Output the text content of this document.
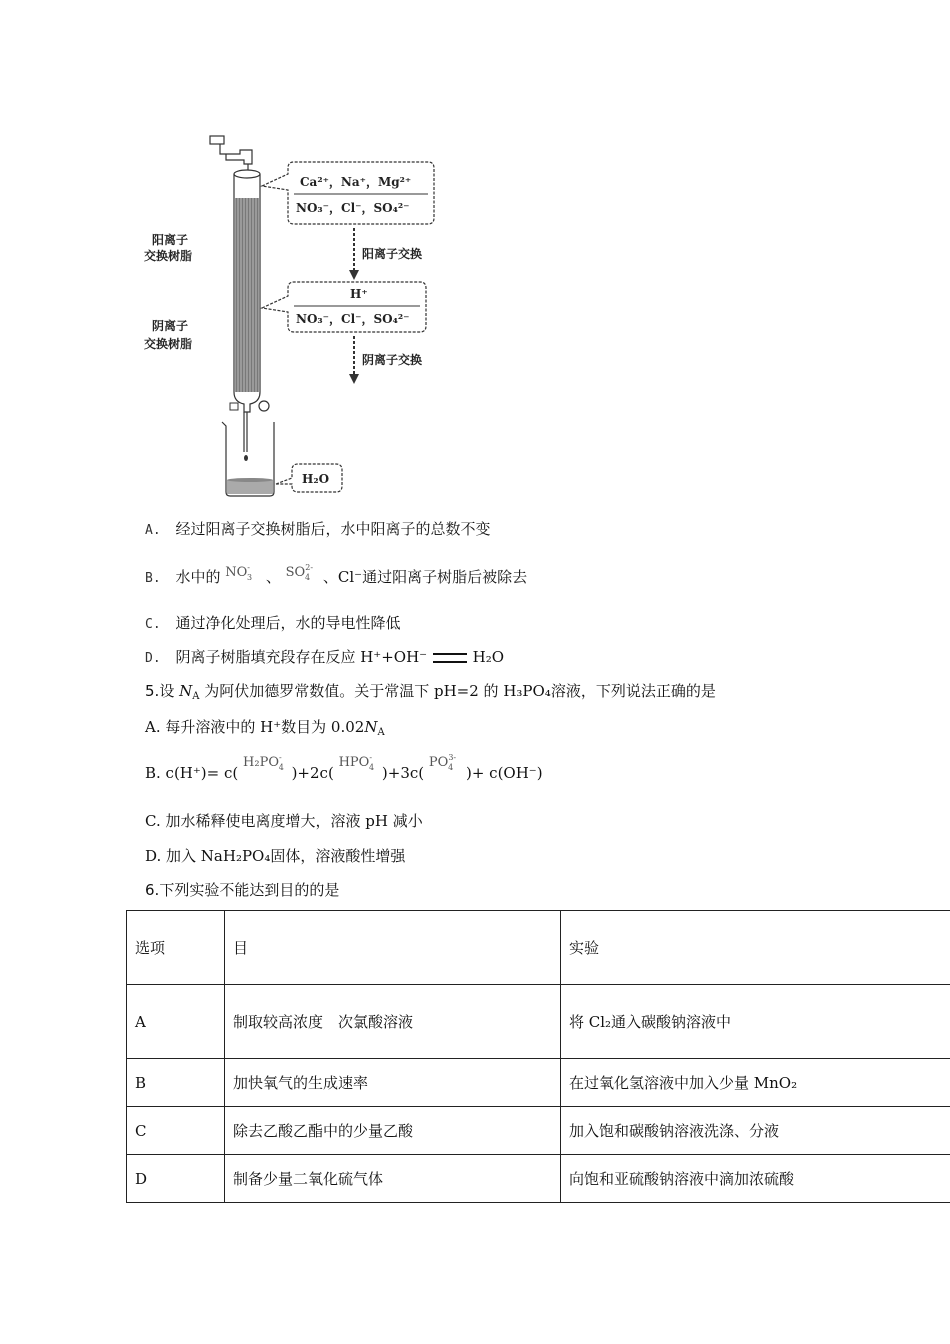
阳离子
交换树脂
阴离子
交换树脂
Ca²⁺，Na⁺，Mg²⁺
NO₃⁻，Cl⁻，SO₄²⁻
阳离子交换
H⁺
NO₃⁻，Cl⁻，SO₄²⁻
阴离子交换
H₂O
A. 经过阳离子交换树脂后，水中阳离子的总数不变
B. 水中的 $NO^-_3$ 、 $SO^{2-}_4$ 、Cl⁻通过阳离子树脂后被除去
C. 通过净化处理后，水的导电性降低
D. 阴离子树脂填充段存在反应 H⁺+OH⁻	H₂O
5.设 $N_A$ 为阿伏加德罗常数值。关于常温下 pH=2 的 H₃PO₄溶液，下列说法正确的是
A. 每升溶液中的 H⁺数目为 $0.02N_A$
B. c(H⁺)= c( $H_2PO^-_4$ )+2c( $HPO^-_4$ )+3c( $PO^{3-}_4$ )+ c(OH⁻)
C. 加水稀释使电离度增大，溶液 pH 减小
D. 加入 NaH₂PO₄固体，溶液酸性增强
6.下列实验不能达到目的的是
选项	目	实验
A	制取较高浓度　次氯酸溶液	将 Cl₂通入碳酸钠溶液中
B	加快氧气的生成速率	在过氧化氢溶液中加入少量 MnO₂
C	除去乙酸乙酯中的少量乙酸	加入饱和碳酸钠溶液洗涤、分液
D	制备少量二氧化硫气体	向饱和亚硫酸钠溶液中滴加浓硫酸
